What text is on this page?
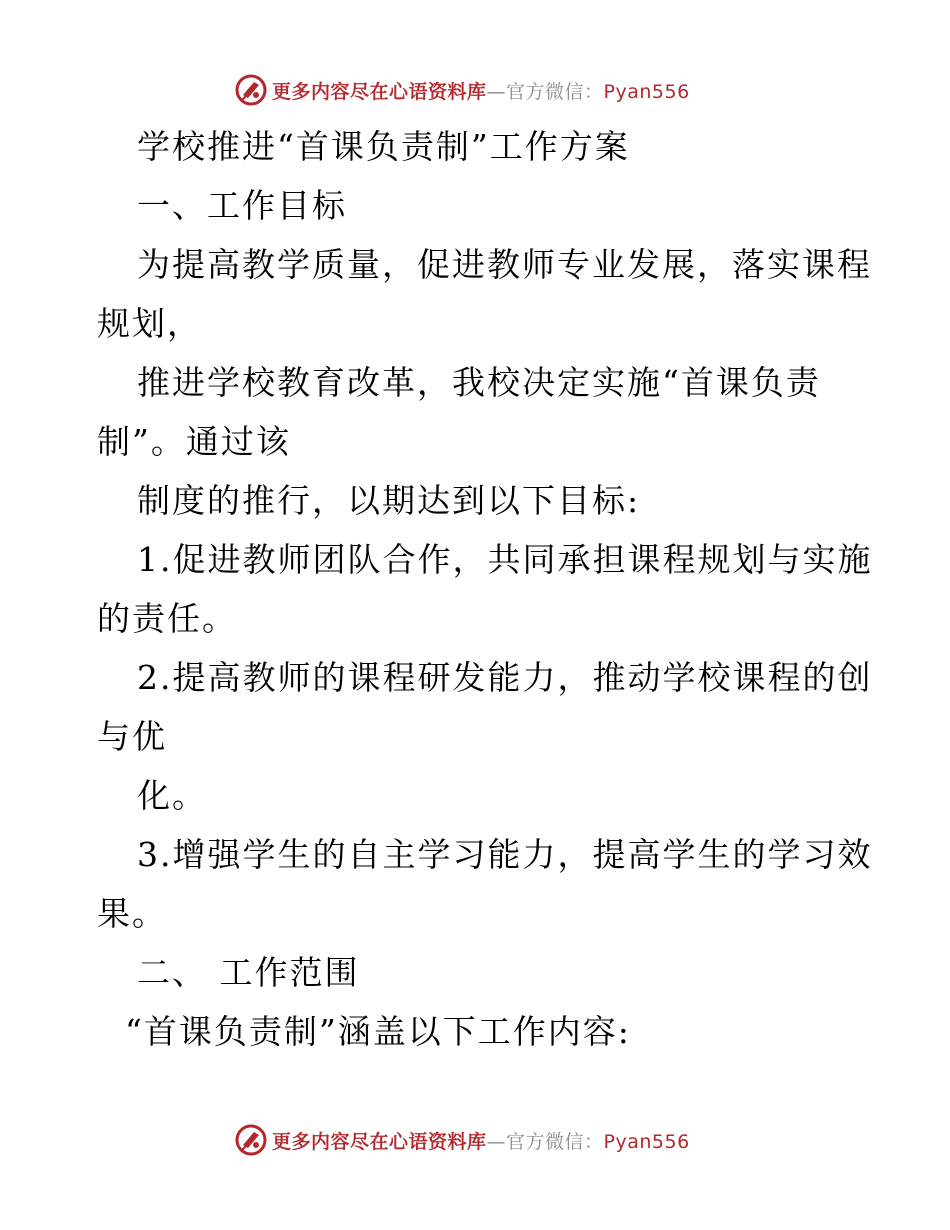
更多内容尽在心语资料库—官方微信：Pyan556
学校推进“首课负责制”工作方案
一、工作目标
为提高教学质量，促进教师专业发展，落实课程
规划，
推进学校教育改革，我校决定实施“首课负责
制”。通过该
制度的推行，以期达到以下目标:
1.促进教师团队合作，共同承担课程规划与实施
的责任。
2.提高教师的课程研发能力，推动学校课程的创
与优
化。
3.增强学生的自主学习能力，提高学生的学习效
果。
二、 工作范围
“首课负责制”涵盖以下工作内容:
更多内容尽在心语资料库—官方微信：Pyan556
